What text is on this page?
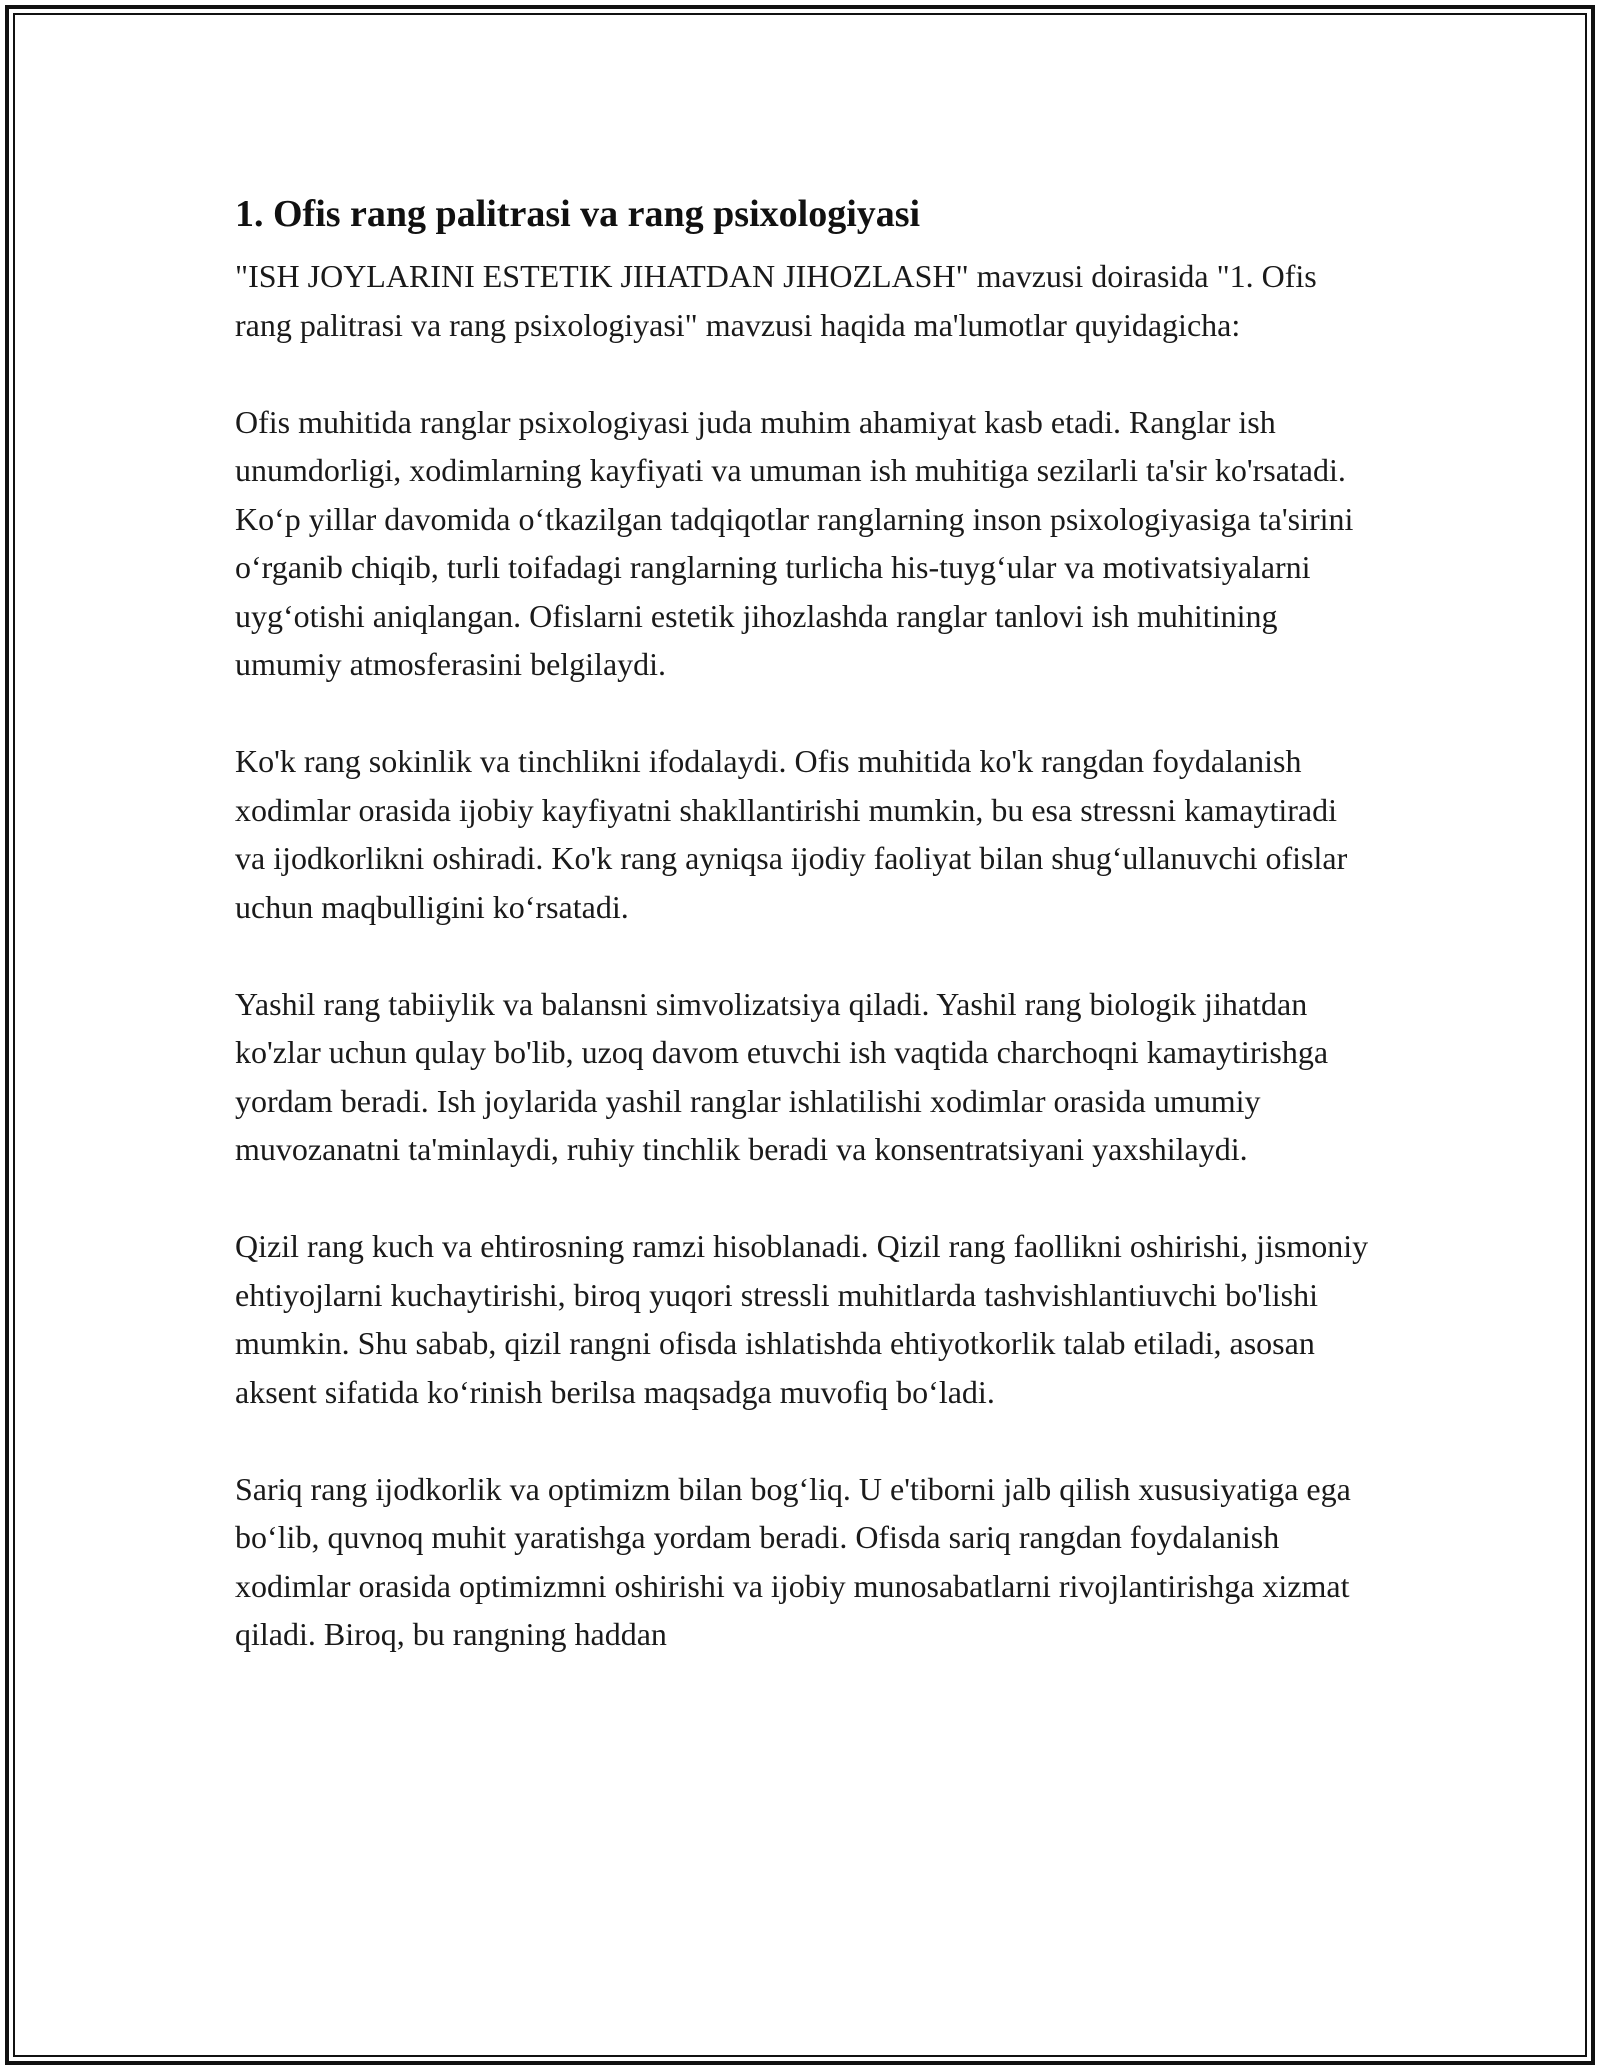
1. Ofis rang palitrasi va rang psixologiyasi

"ISH JOYLARINI ESTETIK JIHATDAN JIHOZLASH" mavzusi doirasida "1. Ofis rang palitrasi va rang psixologiyasi" mavzusi haqida ma'lumotlar quyidagicha:

Ofis muhitida ranglar psixologiyasi juda muhim ahamiyat kasb etadi. Ranglar ish unumdorligi, xodimlarning kayfiyati va umuman ish muhitiga sezilarli ta'sir ko'rsatadi. Ko‘p yillar davomida o‘tkazilgan tadqiqotlar ranglarning inson psixologiyasiga ta'sirini o‘rganib chiqib, turli toifadagi ranglarning turlicha his-tuyg‘ular va motivatsiyalarni uyg‘otishi aniqlangan. Ofislarni estetik jihozlashda ranglar tanlovi ish muhitining umumiy atmosferasini belgilaydi.

Ko'k rang sokinlik va tinchlikni ifodalaydi. Ofis muhitida ko'k rangdan foydalanish xodimlar orasida ijobiy kayfiyatni shakllantirishi mumkin, bu esa stressni kamaytiradi va ijodkorlikni oshiradi. Ko'k rang ayniqsa ijodiy faoliyat bilan shug‘ullanuvchi ofislar uchun maqbulligini ko‘rsatadi.

Yashil rang tabiiylik va balansni simvolizatsiya qiladi. Yashil rang biologik jihatdan ko'zlar uchun qulay bo'lib, uzoq davom etuvchi ish vaqtida charchoqni kamaytirishga yordam beradi. Ish joylarida yashil ranglar ishlatilishi xodimlar orasida umumiy muvozanatni ta'minlaydi, ruhiy tinchlik beradi va konsentratsiyani yaxshilaydi.

Qizil rang kuch va ehtirosning ramzi hisoblanadi. Qizil rang faollikni oshirishi, jismoniy ehtiyojlarni kuchaytirishi, biroq yuqori stressli muhitlarda tashvishlantiuvchi bo'lishi mumkin. Shu sabab, qizil rangni ofisda ishlatishda ehtiyotkorlik talab etiladi, asosan aksent sifatida ko‘rinish berilsa maqsadga muvofiq bo‘ladi.

Sariq rang ijodkorlik va optimizm bilan bog‘liq. U e'tiborni jalb qilish xususiyatiga ega bo‘lib, quvnoq muhit yaratishga yordam beradi. Ofisda sariq rangdan foydalanish xodimlar orasida optimizmni oshirishi va ijobiy munosabatlarni rivojlantirishga xizmat qiladi. Biroq, bu rangning haddan
